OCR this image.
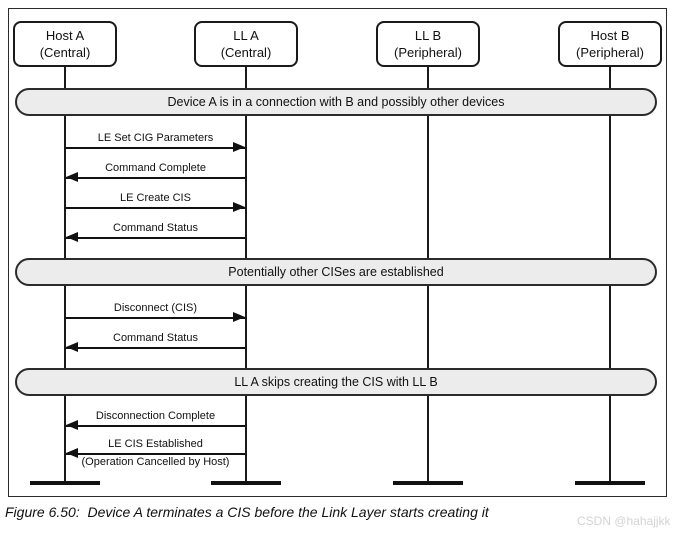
Host A
(Central)
LL A
(Central)
LL B
(Peripheral)
Host B
(Peripheral)
Device A is in a connection with B and possibly other devices
Potentially other CISes are established
LL A skips creating the CIS with LL B
LE Set CIG Parameters
Command Complete
LE Create CIS
Command Status
Disconnect (CIS)
Command Status
Disconnection Complete
LE CIS Established
(Operation Cancelled by Host)
Figure 6.50:  Device A terminates a CIS before the Link Layer starts creating it
CSDN @hahajjkk
